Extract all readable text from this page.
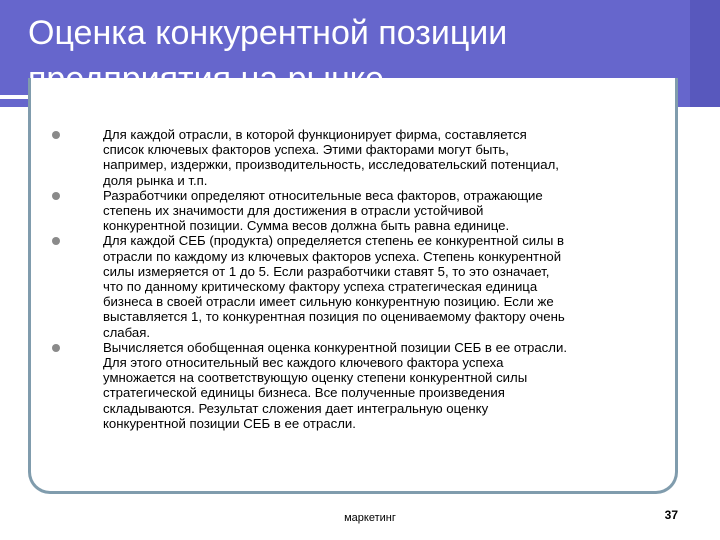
Оценка конкурентной позиции

Для каждой отрасли, в которой функционирует фирма, составляется
список ключевых факторов успеха. Этими факторами могут быть,
например, издержки, производительность, исследовательский потенциал,
доля рынка и т.п.
Разработчики определяют относительные веса факторов, отражающие
степень их значимости для достижения в отрасли устойчивой
конкурентной позиции. Сумма весов должна быть равна единице.
Для каждой СЕБ (продукта) определяется степень ее конкурентной силы в
отрасли по каждому из ключевых факторов успеха. Степень конкурентной
силы измеряется от 1 до 5. Если разработчики ставят 5, то это означает,
что по данному критическому фактору успеха стратегическая единица
бизнеса в своей отрасли имеет сильную конкурентную позицию. Если же
выставляется 1, то конкурентная позиция по оцениваемому фактору очень
слабая.
Вычисляется обобщенная оценка конкурентной позиции СЕБ в ее отрасли.
Для этого относительный вес каждого ключевого фактора успеха
умножается на соответствующую оценку степени конкурентной силы
стратегической единицы бизнеса. Все полученные произведения
складываются. Результат сложения дает интегральную оценку
конкурентной позиции СЕБ в ее отрасли.
маркетинг	37
